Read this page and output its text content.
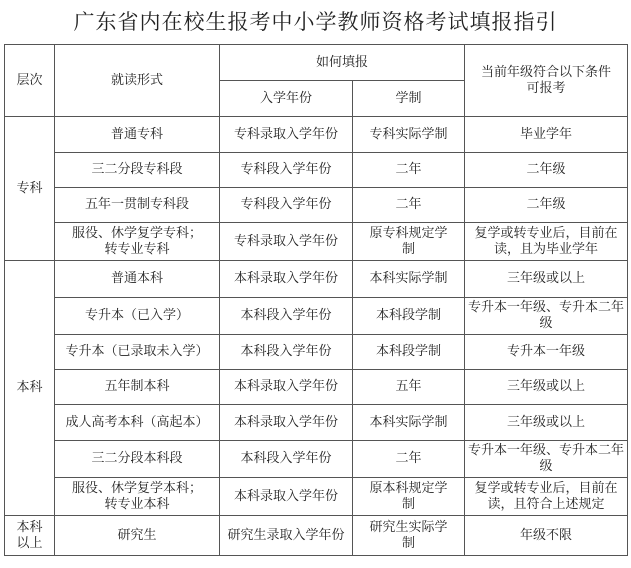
广东省内在校生报考中小学教师资格考试填报指引
层次	就读形式	如何填报		当前年级符合以下条件可报考
		入学年份	学制	
专科	普通专科	专科录取入学年份	专科实际学制	毕业学年
	三二分段专科段	专科段入学年份	二年	二年级
	五年一贯制专科段	专科段入学年份	二年	二年级
	服役、休学复学专科；转专业专科	专科录取入学年份	原专科规定学制	复学或转专业后，目前在读，且为毕业学年
本科	普通本科	本科录取入学年份	本科实际学制	三年级或以上
	专升本（已入学）	本科段入学年份	本科段学制	专升本一年级、专升本二年级
	专升本（已录取未入学）	本科段入学年份	本科段学制	专升本一年级
	五年制本科	本科录取入学年份	五年	三年级或以上
	成人高考本科（高起本）	本科录取入学年份	本科实际学制	三年级或以上
	三二分段本科段	本科段入学年份	二年	专升本一年级、专升本二年级
	服役、休学复学本科；转专业本科	本科录取入学年份	原本科规定学制	复学或转专业后，目前在读，且符合上述规定
本科以上	研究生	研究生录取入学年份	研究生实际学制	年级不限
